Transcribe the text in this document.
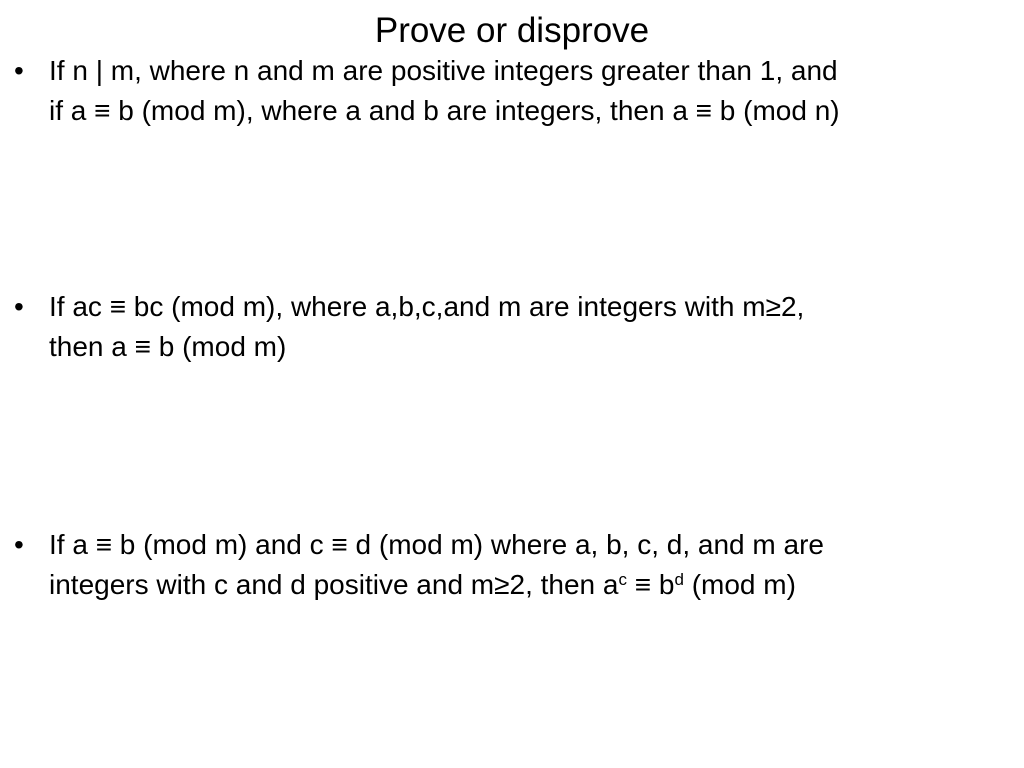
Prove or disprove
• If n | m, where n and m are positive integers greater than 1, and
if a ≡ b (mod m), where a and b are integers, then a ≡ b (mod n)
• If ac ≡ bc (mod m), where a,b,c,and m are integers with m≥2,
then a ≡ b (mod m)
• If a ≡ b (mod m) and c ≡ d (mod m) where a, b, c, d, and m are
integers with c and d positive and m≥2, then $a^c \equiv b^d$ (mod m)
